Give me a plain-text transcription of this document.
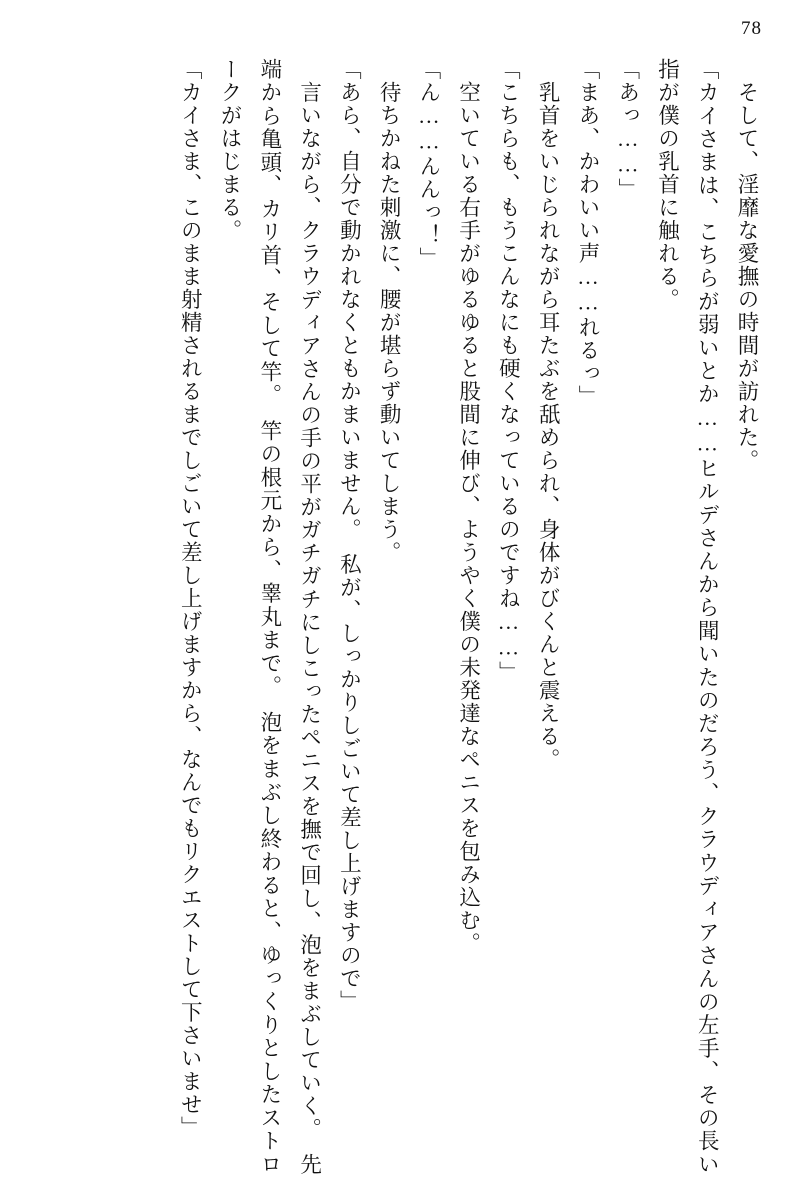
78

　そして、淫靡な愛撫の時間が訪れた。

「カイさまは、こちらが弱いとか……ヒルデさんから聞いたのだろう、クラウディアさんの左手、その長い指が僕の乳首に触れる。

「あっ……」

「まあ、かわいい声……れるっ」

　乳首をいじられながら耳たぶを舐められ、身体がびくんと震える。

「こちらも、もうこんなにも硬くなっているのですね……」

　空いている右手がゆるゆると股間に伸び、ようやく僕の未発達なペニスを包み込む。

「ん……んんっ！」

　待ちかねた刺激に、腰が堪らず動いてしまう。

「あら、自分で動かれなくともかまいません。　私が、しっかりしごいて差し上げますので」

　言いながら、クラウディアさんの手の平がガチガチにしこったペニスを撫で回し、泡をまぶしていく。　先端から亀頭、カリ首、そして竿。　竿の根元から、睾丸まで。　泡をまぶし終わると、ゆっくりとしたストロークがはじまる。

「カイさま、このまま射精されるまでしごいて差し上げますから、なんでもリクエストして下さいませ」
